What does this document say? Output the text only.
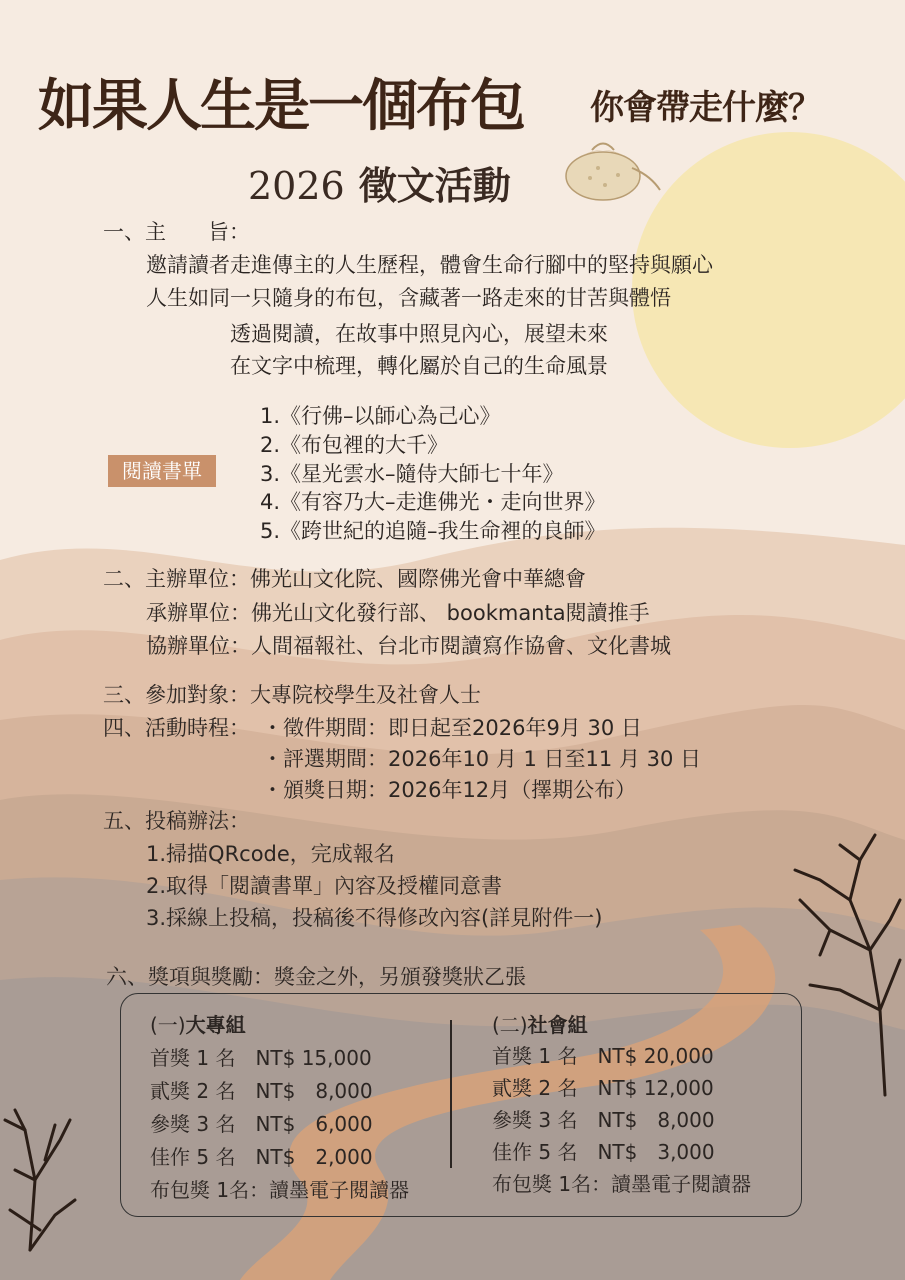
如果人生是一個布包 你會帶走什麼？
2026 徵文活動
一、主　　旨：
邀請讀者走進傳主的人生歷程，體會生命行腳中的堅持與願心
人生如同一只隨身的布包，含藏著一路走來的甘苦與體悟
透過閱讀，在故事中照見內心，展望未來
在文字中梳理，轉化屬於自己的生命風景
閱讀書單
1.《行佛–以師心為己心》
2.《布包裡的大千》
3.《星光雲水–隨侍大師七十年》
4.《有容乃大–走進佛光・走向世界》
5.《跨世紀的追隨–我生命裡的良師》
二、主辦單位：佛光山文化院、國際佛光會中華總會
承辦單位：佛光山文化發行部、 bookmanta閱讀推手
協辦單位：人間福報社、台北市閱讀寫作協會、文化書城
三、參加對象：大專院校學生及社會人士
四、活動時程： ・徵件期間：即日起至2026年9月 30 日
・評選期間：2026年10 月 1 日至11 月 30 日
・頒獎日期：2026年12月（擇期公布）
五、投稿辦法：
1.掃描QRcode，完成報名
2.取得「閱讀書單」內容及授權同意書
3.採線上投稿，投稿後不得修改內容(詳見附件一)
六、獎項與獎勵：獎金之外，另頒發獎狀乙張
(一)大專組
首獎 1 名　NT$ 15,000
貳獎 2 名　NT$　8,000
參獎 3 名　NT$　6,000
佳作 5 名　NT$　2,000
布包獎 1名：讀墨電子閱讀器
(二)社會組
首獎 1 名　NT$ 20,000
貳獎 2 名　NT$ 12,000
參獎 3 名　NT$　8,000
佳作 5 名　NT$　3,000
布包獎 1名：讀墨電子閱讀器
